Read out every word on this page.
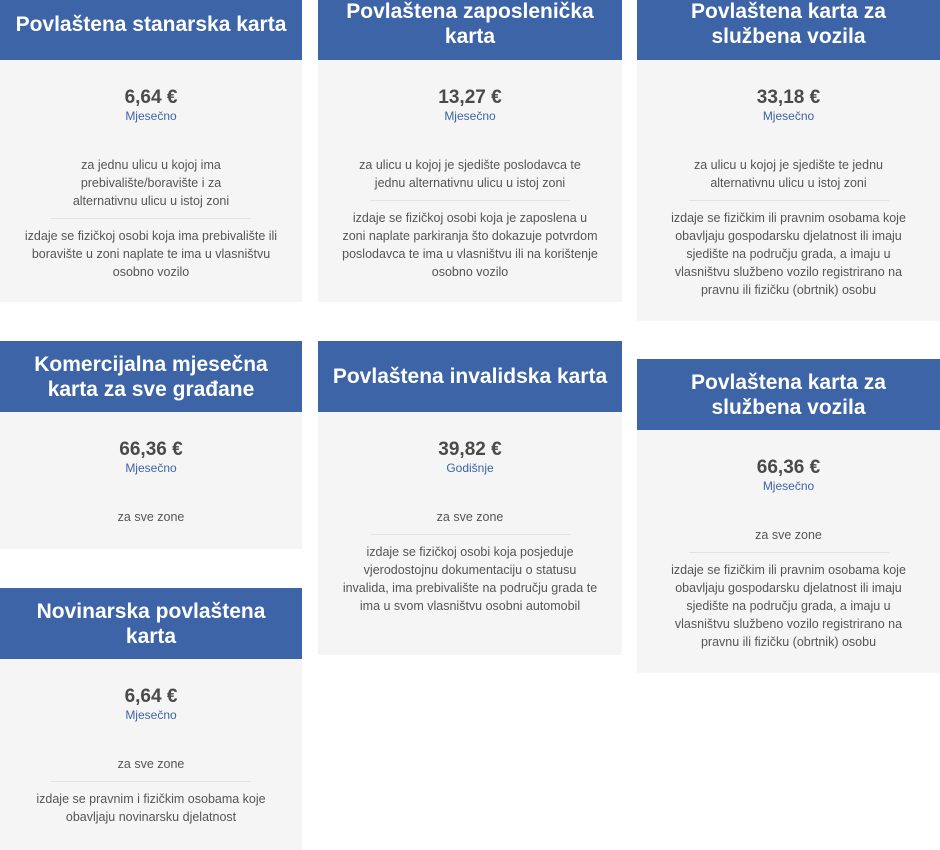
Povlaštena stanarska karta
6,64 €
Mjesečno
za jednu ulicu u kojoj ima prebivalište/boravište i za alternativnu ulicu u istoj zoni
izdaje se fizičkoj osobi koja ima prebivalište ili boravište u zoni naplate te ima u vlasništvu osobno vozilo
Povlaštena zaposlenička karta
13,27 €
Mjesečno
za ulicu u kojoj je sjedište poslodavca te jednu alternativnu ulicu u istoj zoni
izdaje se fizičkoj osobi koja je zaposlena u zoni naplate parkiranja što dokazuje potvrdom poslodavca te ima u vlasništvu ili na korištenje osobno vozilo
Povlaštena karta za službena vozila
33,18 €
Mjesečno
za ulicu u kojoj je sjedište te jednu alternativnu ulicu u istoj zoni
izdaje se fizičkim ili pravnim osobama koje obavljaju gospodarsku djelatnost ili imaju sjedište na području grada, a imaju u vlasništvu službeno vozilo registrirano na pravnu ili fizičku (obrtnik) osobu
Komercijalna mjesečna karta za sve građane
66,36 €
Mjesečno
za sve zone
Povlaštena invalidska karta
39,82 €
Godišnje
za sve zone
izdaje se fizičkoj osobi koja posjeduje vjerodostojnu dokumentaciju o statusu invalida, ima prebivalište na području grada te ima u svom vlasništvu osobni automobil
Povlaštena karta za službena vozila
66,36 €
Mjesečno
za sve zone
izdaje se fizičkim ili pravnim osobama koje obavljaju gospodarsku djelatnost ili imaju sjedište na području grada, a imaju u vlasništvu službeno vozilo registrirano na pravnu ili fizičku (obrtnik) osobu
Novinarska povlaštena karta
6,64 €
Mjesečno
za sve zone
izdaje se pravnim i fizičkim osobama koje obavljaju novinarsku djelatnost
